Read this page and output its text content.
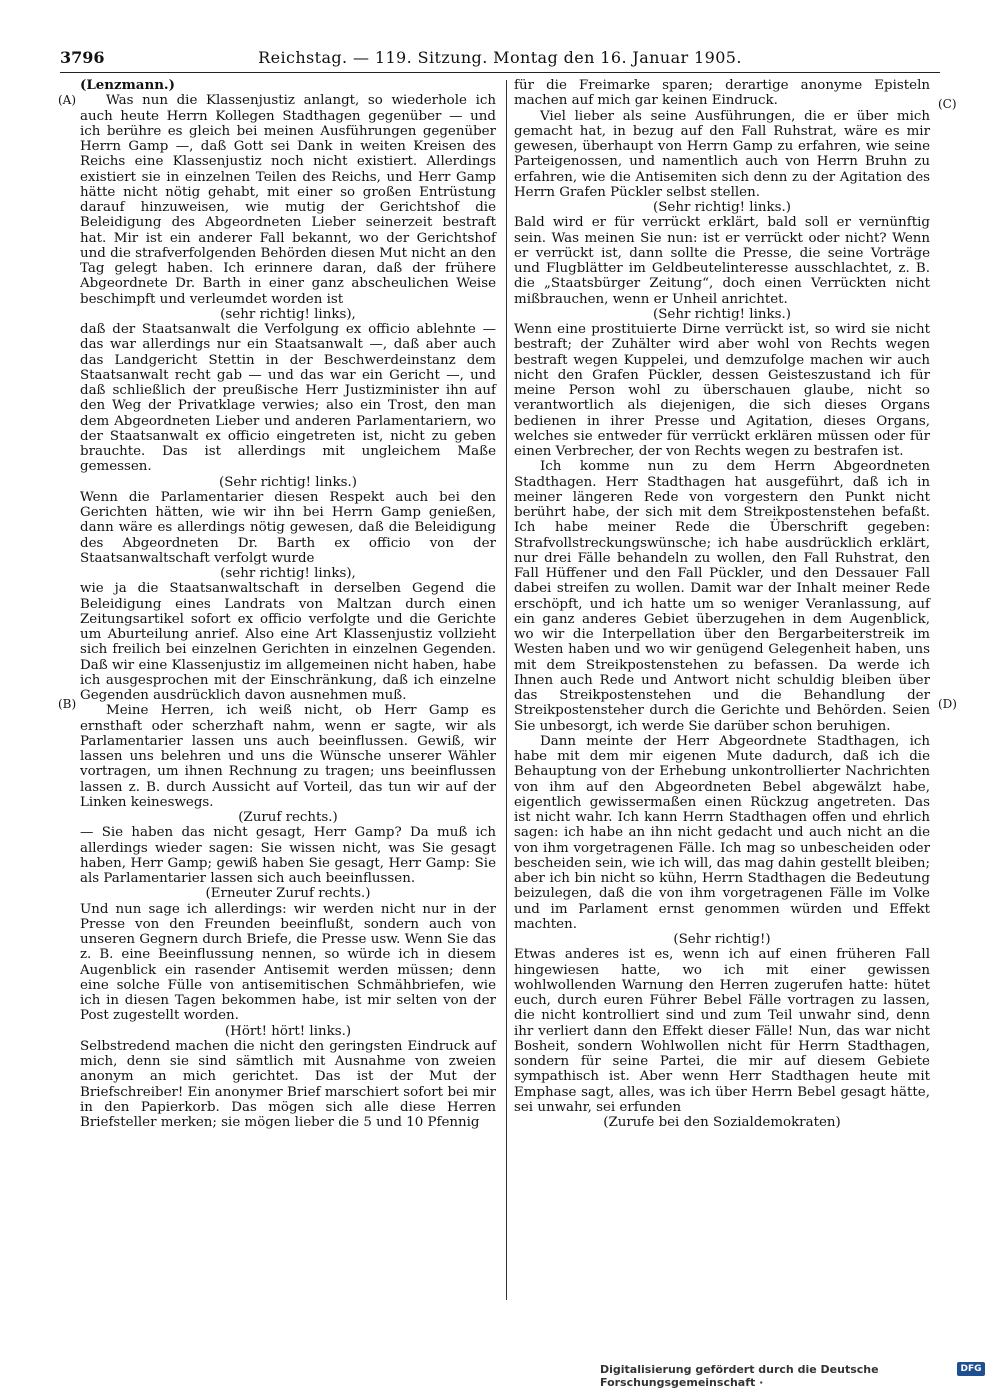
3796	Reichstag. — 119. Sitzung. Montag den 16. Januar 1905.
(A)
(B)
(C)
(D)

(Lenzmann.)

Was nun die Klassenjustiz anlangt, so wiederhole ich auch heute Herrn Kollegen Stadthagen gegenüber — und ich berühre es gleich bei meinen Ausführungen gegenüber Herrn Gamp —, daß Gott sei Dank in weiten Kreisen des Reichs eine Klassenjustiz noch nicht existiert. Allerdings existiert sie in einzelnen Teilen des Reichs, und Herr Gamp hätte nicht nötig gehabt, mit einer so großen Entrüstung darauf hinzuweisen, wie mutig der Gerichtshof die Beleidigung des Abgeordneten Lieber seinerzeit bestraft hat. Mir ist ein anderer Fall bekannt, wo der Gerichtshof und die strafverfolgenden Behörden diesen Mut nicht an den Tag gelegt haben. Ich erinnere daran, daß der frühere Abgeordnete Dr. Barth in einer ganz abscheulichen Weise beschimpft und verleumdet worden ist

(sehr richtig! links),

daß der Staatsanwalt die Verfolgung ex officio ablehnte — das war allerdings nur ein Staatsanwalt —, daß aber auch das Landgericht Stettin in der Beschwerdeinstanz dem Staatsanwalt recht gab — und das war ein Gericht —, und daß schließlich der preußische Herr Justizminister ihn auf den Weg der Privatklage verwies; also ein Trost, den man dem Abgeordneten Lieber und anderen Parlamentariern, wo der Staatsanwalt ex officio eingetreten ist, nicht zu geben brauchte. Das ist allerdings mit ungleichem Maße gemessen.

(Sehr richtig! links.)

Wenn die Parlamentarier diesen Respekt auch bei den Gerichten hätten, wie wir ihn bei Herrn Gamp genießen, dann wäre es allerdings nötig gewesen, daß die Beleidigung des Abgeordneten Dr. Barth ex officio von der Staatsanwaltschaft verfolgt wurde

(sehr richtig! links),

wie ja die Staatsanwaltschaft in derselben Gegend die Beleidigung eines Landrats von Maltzan durch einen Zeitungsartikel sofort ex officio verfolgte und die Gerichte um Aburteilung anrief. Also eine Art Klassenjustiz vollzieht sich freilich bei einzelnen Gerichten in einzelnen Gegenden. Daß wir eine Klassenjustiz im allgemeinen nicht haben, habe ich ausgesprochen mit der Einschränkung, daß ich einzelne Gegenden ausdrücklich davon ausnehmen muß.

Meine Herren, ich weiß nicht, ob Herr Gamp es ernsthaft oder scherzhaft nahm, wenn er sagte, wir als Parlamentarier lassen uns auch beeinflussen. Gewiß, wir lassen uns belehren und uns die Wünsche unserer Wähler vortragen, um ihnen Rechnung zu tragen; uns beeinflussen lassen z. B. durch Aussicht auf Vorteil, das tun wir auf der Linken keineswegs.

(Zuruf rechts.)

— Sie haben das nicht gesagt, Herr Gamp? Da muß ich allerdings wieder sagen: Sie wissen nicht, was Sie gesagt haben, Herr Gamp; gewiß haben Sie gesagt, Herr Gamp: Sie als Parlamentarier lassen sich auch beeinflussen.

(Erneuter Zuruf rechts.)

Und nun sage ich allerdings: wir werden nicht nur in der Presse von den Freunden beeinflußt, sondern auch von unseren Gegnern durch Briefe, die Presse usw. Wenn Sie das z. B. eine Beeinflussung nennen, so würde ich in diesem Augenblick ein rasender Antisemit werden müssen; denn eine solche Fülle von antisemitischen Schmähbriefen, wie ich in diesen Tagen bekommen habe, ist mir selten von der Post zugestellt worden.

(Hört! hört! links.)

Selbstredend machen die nicht den geringsten Eindruck auf mich, denn sie sind sämtlich mit Ausnahme von zweien anonym an mich gerichtet. Das ist der Mut der Briefschreiber! Ein anonymer Brief marschiert sofort bei mir in den Papierkorb. Das mögen sich alle diese Herren Briefsteller merken; sie mögen lieber die 5 und 10 Pfennig

für die Freimarke sparen; derartige anonyme Episteln machen auf mich gar keinen Eindruck.

Viel lieber als seine Ausführungen, die er über mich gemacht hat, in bezug auf den Fall Ruhstrat, wäre es mir gewesen, überhaupt von Herrn Gamp zu erfahren, wie seine Parteigenossen, und namentlich auch von Herrn Bruhn zu erfahren, wie die Antisemiten sich denn zu der Agitation des Herrn Grafen Pückler selbst stellen.

(Sehr richtig! links.)

Bald wird er für verrückt erklärt, bald soll er vernünftig sein. Was meinen Sie nun: ist er verrückt oder nicht? Wenn er verrückt ist, dann sollte die Presse, die seine Vorträge und Flugblätter im Geldbeutelinteresse ausschlachtet, z. B. die „Staatsbürger Zeitung“, doch einen Verrückten nicht mißbrauchen, wenn er Unheil anrichtet.

(Sehr richtig! links.)

Wenn eine prostituierte Dirne verrückt ist, so wird sie nicht bestraft; der Zuhälter wird aber wohl von Rechts wegen bestraft wegen Kuppelei, und demzufolge machen wir auch nicht den Grafen Pückler, dessen Geisteszustand ich für meine Person wohl zu überschauen glaube, nicht so verantwortlich als diejenigen, die sich dieses Organs bedienen in ihrer Presse und Agitation, dieses Organs, welches sie entweder für verrückt erklären müssen oder für einen Verbrecher, der von Rechts wegen zu bestrafen ist.

Ich komme nun zu dem Herrn Abgeordneten Stadthagen. Herr Stadthagen hat ausgeführt, daß ich in meiner längeren Rede von vorgestern den Punkt nicht berührt habe, der sich mit dem Streikpostenstehen befaßt. Ich habe meiner Rede die Überschrift gegeben: Strafvollstreckungswünsche; ich habe ausdrücklich erklärt, nur drei Fälle behandeln zu wollen, den Fall Ruhstrat, den Fall Hüffener und den Fall Pückler, und den Dessauer Fall dabei streifen zu wollen. Damit war der Inhalt meiner Rede erschöpft, und ich hatte um so weniger Veranlassung, auf ein ganz anderes Gebiet überzugehen in dem Augenblick, wo wir die Interpellation über den Bergarbeiterstreik im Westen haben und wo wir genügend Gelegenheit haben, uns mit dem Streikpostenstehen zu befassen. Da werde ich Ihnen auch Rede und Antwort nicht schuldig bleiben über das Streikpostenstehen und die Behandlung der Streikpostensteher durch die Gerichte und Behörden. Seien Sie unbesorgt, ich werde Sie darüber schon beruhigen.

Dann meinte der Herr Abgeordnete Stadthagen, ich habe mit dem mir eigenen Mute dadurch, daß ich die Behauptung von der Erhebung unkontrollierter Nachrichten von ihm auf den Abgeordneten Bebel abgewälzt habe, eigentlich gewissermaßen einen Rückzug angetreten. Das ist nicht wahr. Ich kann Herrn Stadthagen offen und ehrlich sagen: ich habe an ihn nicht gedacht und auch nicht an die von ihm vorgetragenen Fälle. Ich mag so unbescheiden oder bescheiden sein, wie ich will, das mag dahin gestellt bleiben; aber ich bin nicht so kühn, Herrn Stadthagen die Bedeutung beizulegen, daß die von ihm vorgetragenen Fälle im Volke und im Parlament ernst genommen würden und Effekt machten.

(Sehr richtig!)

Etwas anderes ist es, wenn ich auf einen früheren Fall hingewiesen hatte, wo ich mit einer gewissen wohlwollenden Warnung den Herren zugerufen hatte: hütet euch, durch euren Führer Bebel Fälle vortragen zu lassen, die nicht kontrolliert sind und zum Teil unwahr sind, denn ihr verliert dann den Effekt dieser Fälle! Nun, das war nicht Bosheit, sondern Wohlwollen nicht für Herrn Stadthagen, sondern für seine Partei, die mir auf diesem Gebiete sympathisch ist. Aber wenn Herr Stadthagen heute mit Emphase sagt, alles, was ich über Herrn Bebel gesagt hätte, sei unwahr, sei erfunden

(Zurufe bei den Sozialdemokraten)

Digitalisierung gefördert durch die Deutsche Forschungsgemeinschaft ·
DFG
